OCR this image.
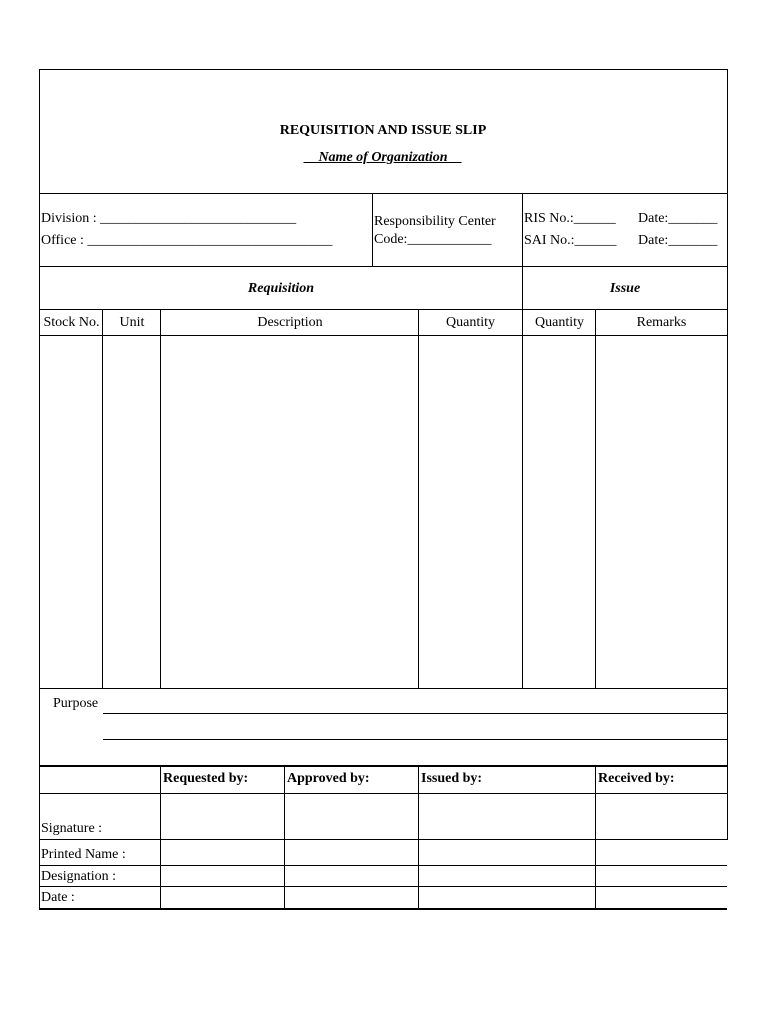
REQUISITION AND ISSUE SLIP
__Name of Organization__
Division : ____________________________
Office : ___________________________________
Responsibility Center
Code:____________
RIS No.:______ Date:_______
SAI No.:______ Date:_______
Requisition	Issue
Stock No.	Unit	Description	Quantity	Quantity	Remarks
Purpose
Requested by:	Approved by:	Issued by:	Received by:
Signature :
Printed Name :
Designation :
Date :
